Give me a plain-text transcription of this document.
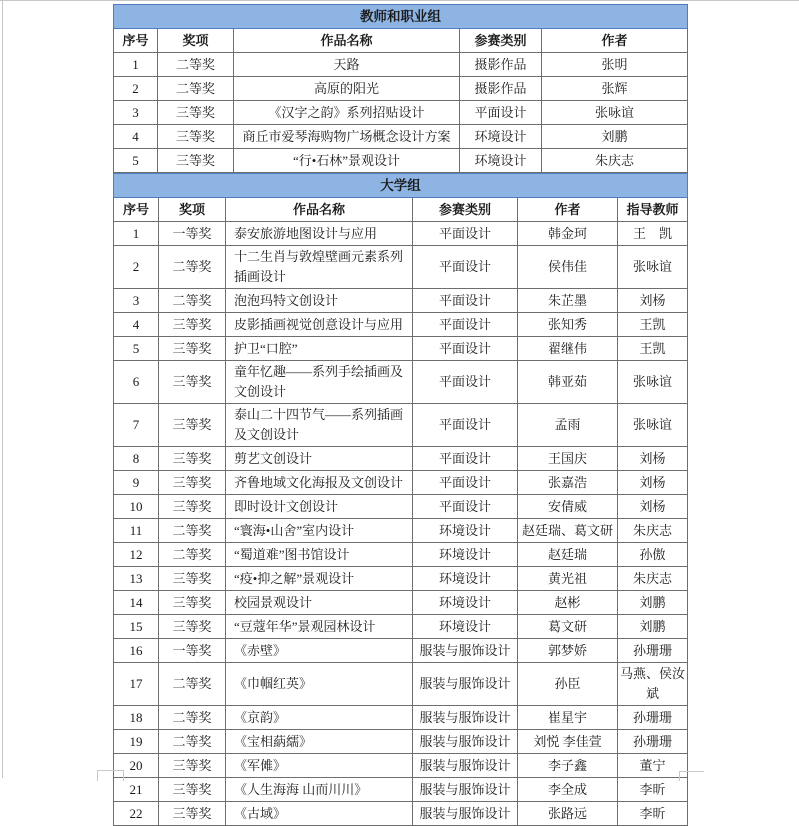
教师和职业组				
序号	奖项	作品名称	参赛类别	作者
1	二等奖	天路	摄影作品	张明
2	二等奖	高原的阳光	摄影作品	张辉
3	三等奖	《汉字之韵》系列招贴设计	平面设计	张咏谊
4	三等奖	商丘市爱琴海购物广场概念设计方案	环境设计	刘鹏
5	三等奖	“行•石林”景观设计	环境设计	朱庆志
大学组					
序号	奖项	作品名称	参赛类别	作者	指导教师
1	一等奖	泰安旅游地图设计与应用	平面设计	韩金珂	王　凯
2	二等奖	十二生肖与敦煌壁画元素系列插画设计	平面设计	侯伟佳	张咏谊
3	二等奖	泡泡玛特文创设计	平面设计	朱芷墨	刘杨
4	三等奖	皮影插画视觉创意设计与应用	平面设计	张知秀	王凯
5	三等奖	护卫“口腔”	平面设计	翟继伟	王凯
6	三等奖	童年忆趣——系列手绘插画及文创设计	平面设计	韩亚茹	张咏谊
7	三等奖	泰山二十四节气——系列插画及文创设计	平面设计	孟雨	张咏谊
8	三等奖	剪艺文创设计	平面设计	王国庆	刘杨
9	三等奖	齐鲁地域文化海报及文创设计	平面设计	张嘉浩	刘杨
10	三等奖	即时设计文创设计	平面设计	安倩威	刘杨
11	二等奖	“寰海•山舍”室内设计	环境设计	赵廷瑞、葛文研	朱庆志
12	二等奖	“蜀道难”图书馆设计	环境设计	赵廷瑞	孙傲
13	三等奖	“疫•抑之解”景观设计	环境设计	黄光祖	朱庆志
14	三等奖	校园景观设计	环境设计	赵彬	刘鹏
15	三等奖	“豆蔻年华”景观园林设计	环境设计	葛文研	刘鹏
16	一等奖	《赤壁》	服装与服饰设计	郭梦娇	孙珊珊
17	二等奖	《巾帼红英》	服装与服饰设计	孙臣	马燕、侯汝斌
18	二等奖	《京韵》	服装与服饰设计	崔星宇	孙珊珊
19	二等奖	《宝相蒳繻》	服装与服饰设计	刘悦 李佳萱	孙珊珊
20	三等奖	《军傩》	服装与服饰设计	李子鑫	董宁
21	三等奖	《人生海海 山而川川》	服装与服饰设计	李全成	李昕
22	三等奖	《古域》	服装与服饰设计	张路远	李昕
